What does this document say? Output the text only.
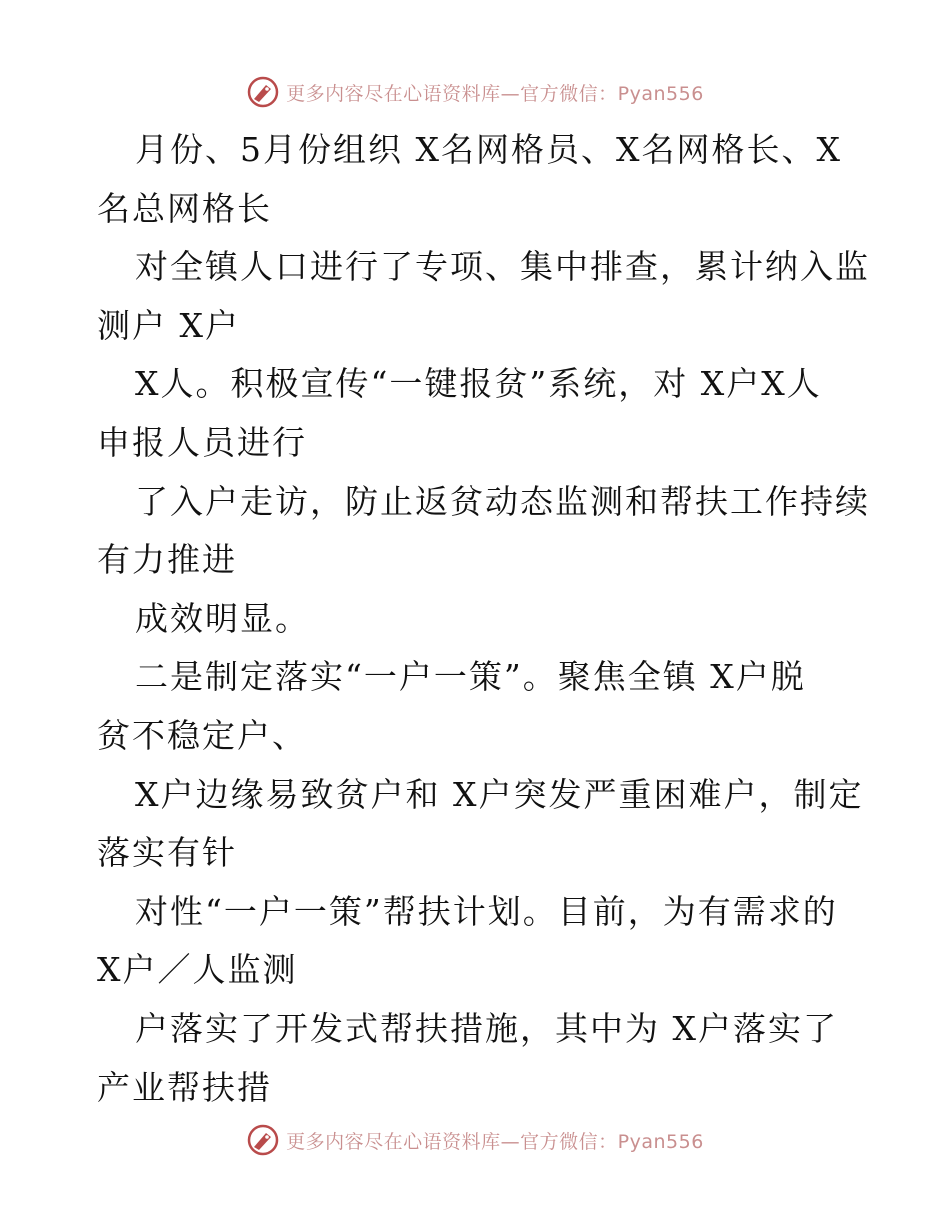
更多内容尽在心语资料库—官方微信：Pyan556
月份、5月份组织 X名网格员、X名网格长、X
名总网格长
对全镇人口进行了专项、集中排查，累计纳入监
测户 X户
X人。积极宣传“一键报贫”系统，对 X户X人
申报人员进行
了入户走访，防止返贫动态监测和帮扶工作持续
有力推进
成效明显。
二是制定落实“一户一策”。聚焦全镇 X户脱
贫不稳定户、
X户边缘易致贫户和 X户突发严重困难户，制定
落实有针
对性“一户一策”帮扶计划。目前，为有需求的
X户／人监测
户落实了开发式帮扶措施，其中为 X户落实了
产业帮扶措
更多内容尽在心语资料库—官方微信：Pyan556
